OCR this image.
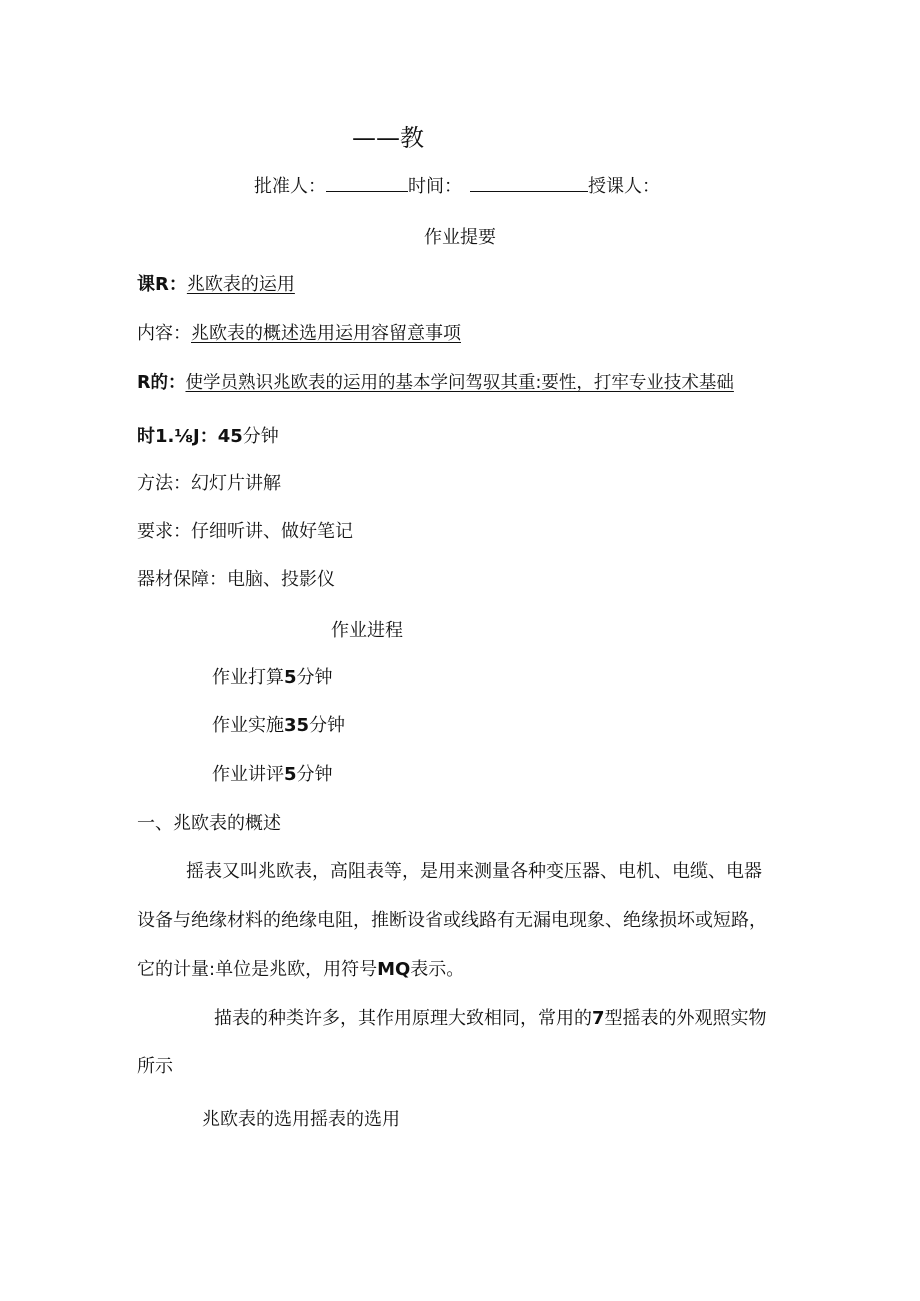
——教
批准人：	时间：	授课人：
作业提要
课R：兆欧表的运用
内容：兆欧表的概述选用运用容留意事项
R的：使学员熟识兆欧表的运用的基本学问驾驭其重:要性，打牢专业技术基础
时1.⅛J：45分钟
方法：幻灯片讲解
要求：仔细听讲、做好笔记
器材保障：电脑、投影仪
作业进程
作业打算5分钟
作业实施35分钟
作业讲评5分钟
一、兆欧表的概述
摇表又叫兆欧表，高阻表等，是用来测量各种变压器、电机、电缆、电器
设备与绝缘材料的绝缘电阻，推断设省或线路有无漏电现象、绝缘损坏或短路，
它的计量:单位是兆欧，用符号MQ表示。
描表的种类许多，其作用原理大致相同，常用的7型摇表的外观照实物
所示
兆欧表的选用摇表的选用
